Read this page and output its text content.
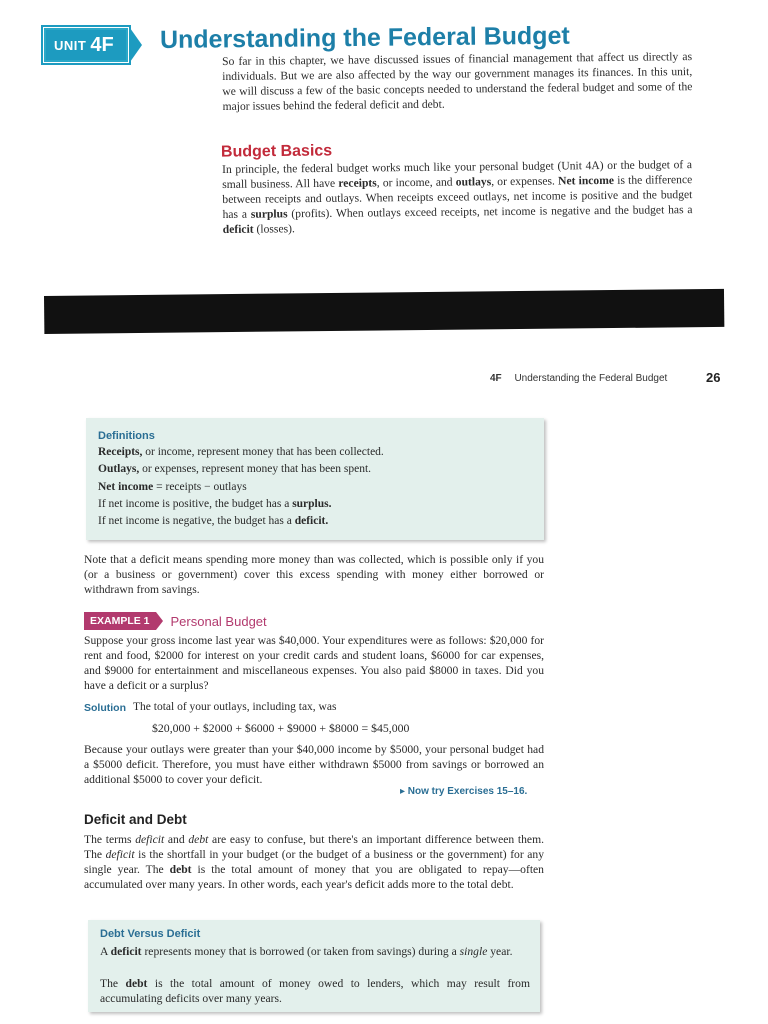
UNIT 4F Understanding the Federal Budget
So far in this chapter, we have discussed issues of financial management that affect us directly as individuals. But we are also affected by the way our government manages its finances. In this unit, we will discuss a few of the basic concepts needed to understand the federal budget and some of the major issues behind the federal deficit and debt.
Budget Basics
In principle, the federal budget works much like your personal budget (Unit 4A) or the budget of a small business. All have receipts, or income, and outlays, or expenses. Net income is the difference between receipts and outlays. When receipts exceed outlays, net income is positive and the budget has a surplus (profits). When outlays exceed receipts, net income is negative and the budget has a deficit (losses).
4F Understanding the Federal Budget	26
Definitions
Receipts, or income, represent money that has been collected.
Outlays, or expenses, represent money that has been spent.
Net income = receipts − outlays
If net income is positive, the budget has a surplus.
If net income is negative, the budget has a deficit.
Note that a deficit means spending more money than was collected, which is possible only if you (or a business or government) cover this excess spending with money either borrowed or withdrawn from savings.
EXAMPLE 1	Personal Budget
Suppose your gross income last year was $40,000. Your expenditures were as follows: $20,000 for rent and food, $2000 for interest on your credit cards and student loans, $6000 for car expenses, and $9000 for entertainment and miscellaneous expenses. You also paid $8000 in taxes. Did you have a deficit or a surplus?
Solution The total of your outlays, including tax, was
$20,000 + $2000 + $6000 + $9000 + $8000 = $45,000
Because your outlays were greater than your $40,000 income by $5000, your personal budget had a $5000 deficit. Therefore, you must have either withdrawn $5000 from savings or borrowed an additional $5000 to cover your deficit.
▸ Now try Exercises 15–16.
Deficit and Debt
The terms deficit and debt are easy to confuse, but there's an important difference between them. The deficit is the shortfall in your budget (or the budget of a business or the government) for any single year. The debt is the total amount of money that you are obligated to repay—often accumulated over many years. In other words, each year's deficit adds more to the total debt.
Debt Versus Deficit
A deficit represents money that is borrowed (or taken from savings) during a single year.
The debt is the total amount of money owed to lenders, which may result from accumulating deficits over many years.
